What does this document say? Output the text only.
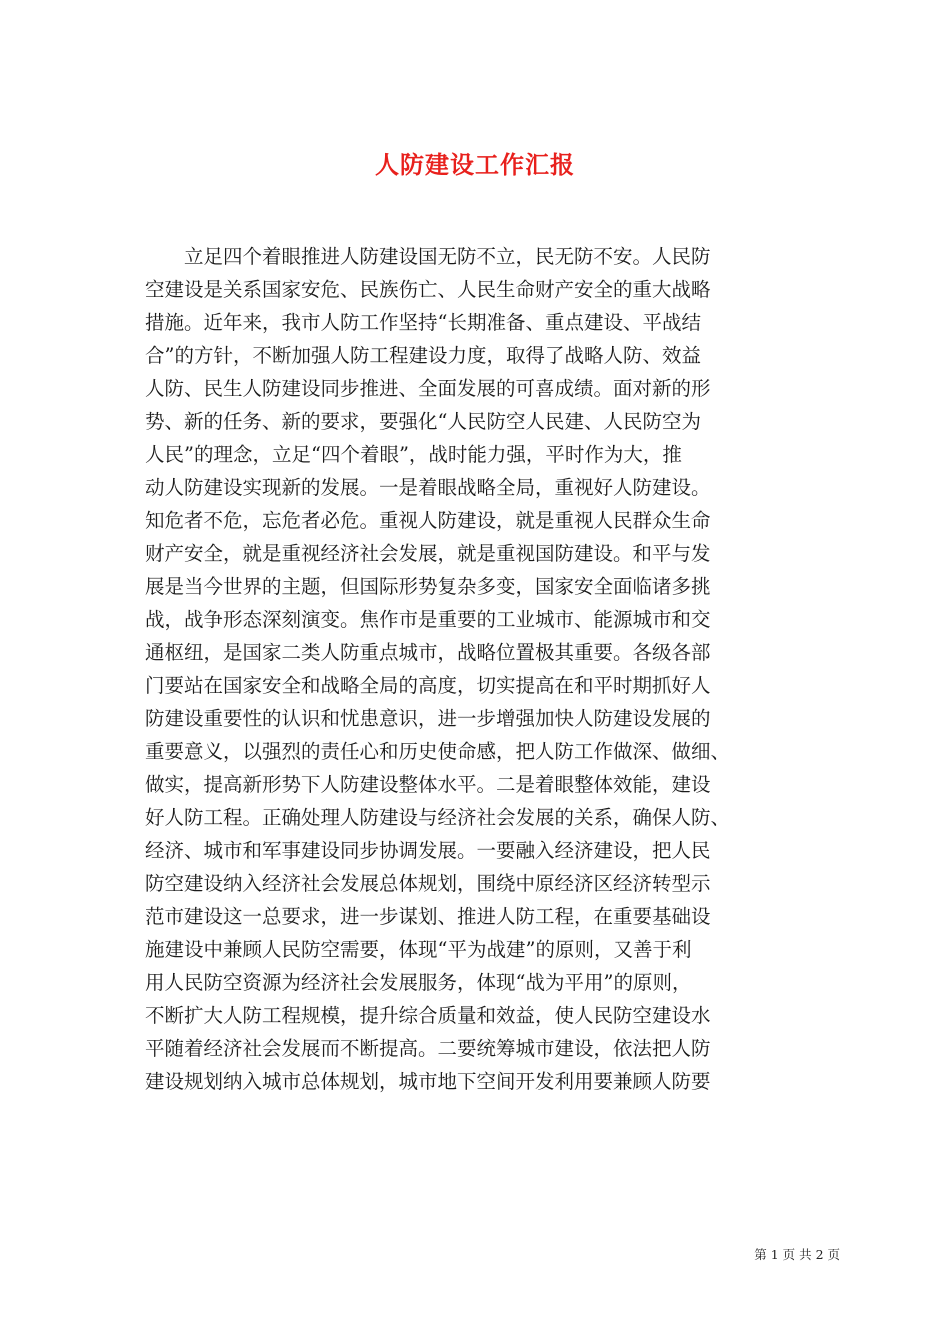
人防建设工作汇报
　　立足四个着眼推进人防建设国无防不立，民无防不安。人民防
空建设是关系国家安危、民族伤亡、人民生命财产安全的重大战略
措施。近年来，我市人防工作坚持“长期准备、重点建设、平战结
合”的方针，不断加强人防工程建设力度，取得了战略人防、效益
人防、民生人防建设同步推进、全面发展的可喜成绩。面对新的形
势、新的任务、新的要求，要强化“人民防空人民建、人民防空为
人民”的理念，立足“四个着眼”，战时能力强，平时作为大，推
动人防建设实现新的发展。一是着眼战略全局，重视好人防建设。
知危者不危，忘危者必危。重视人防建设，就是重视人民群众生命
财产安全，就是重视经济社会发展，就是重视国防建设。和平与发
展是当今世界的主题，但国际形势复杂多变，国家安全面临诸多挑
战，战争形态深刻演变。焦作市是重要的工业城市、能源城市和交
通枢纽，是国家二类人防重点城市，战略位置极其重要。各级各部
门要站在国家安全和战略全局的高度，切实提高在和平时期抓好人
防建设重要性的认识和忧患意识，进一步增强加快人防建设发展的
重要意义，以强烈的责任心和历史使命感，把人防工作做深、做细、
做实，提高新形势下人防建设整体水平。二是着眼整体效能，建设
好人防工程。正确处理人防建设与经济社会发展的关系，确保人防、
经济、城市和军事建设同步协调发展。一要融入经济建设，把人民
防空建设纳入经济社会发展总体规划，围绕中原经济区经济转型示
范市建设这一总要求，进一步谋划、推进人防工程，在重要基础设
施建设中兼顾人民防空需要，体现“平为战建”的原则，又善于利
用人民防空资源为经济社会发展服务，体现“战为平用”的原则，
不断扩大人防工程规模，提升综合质量和效益，使人民防空建设水
平随着经济社会发展而不断提高。二要统筹城市建设，依法把人防
建设规划纳入城市总体规划，城市地下空间开发利用要兼顾人防要
第 1 页 共 2 页
